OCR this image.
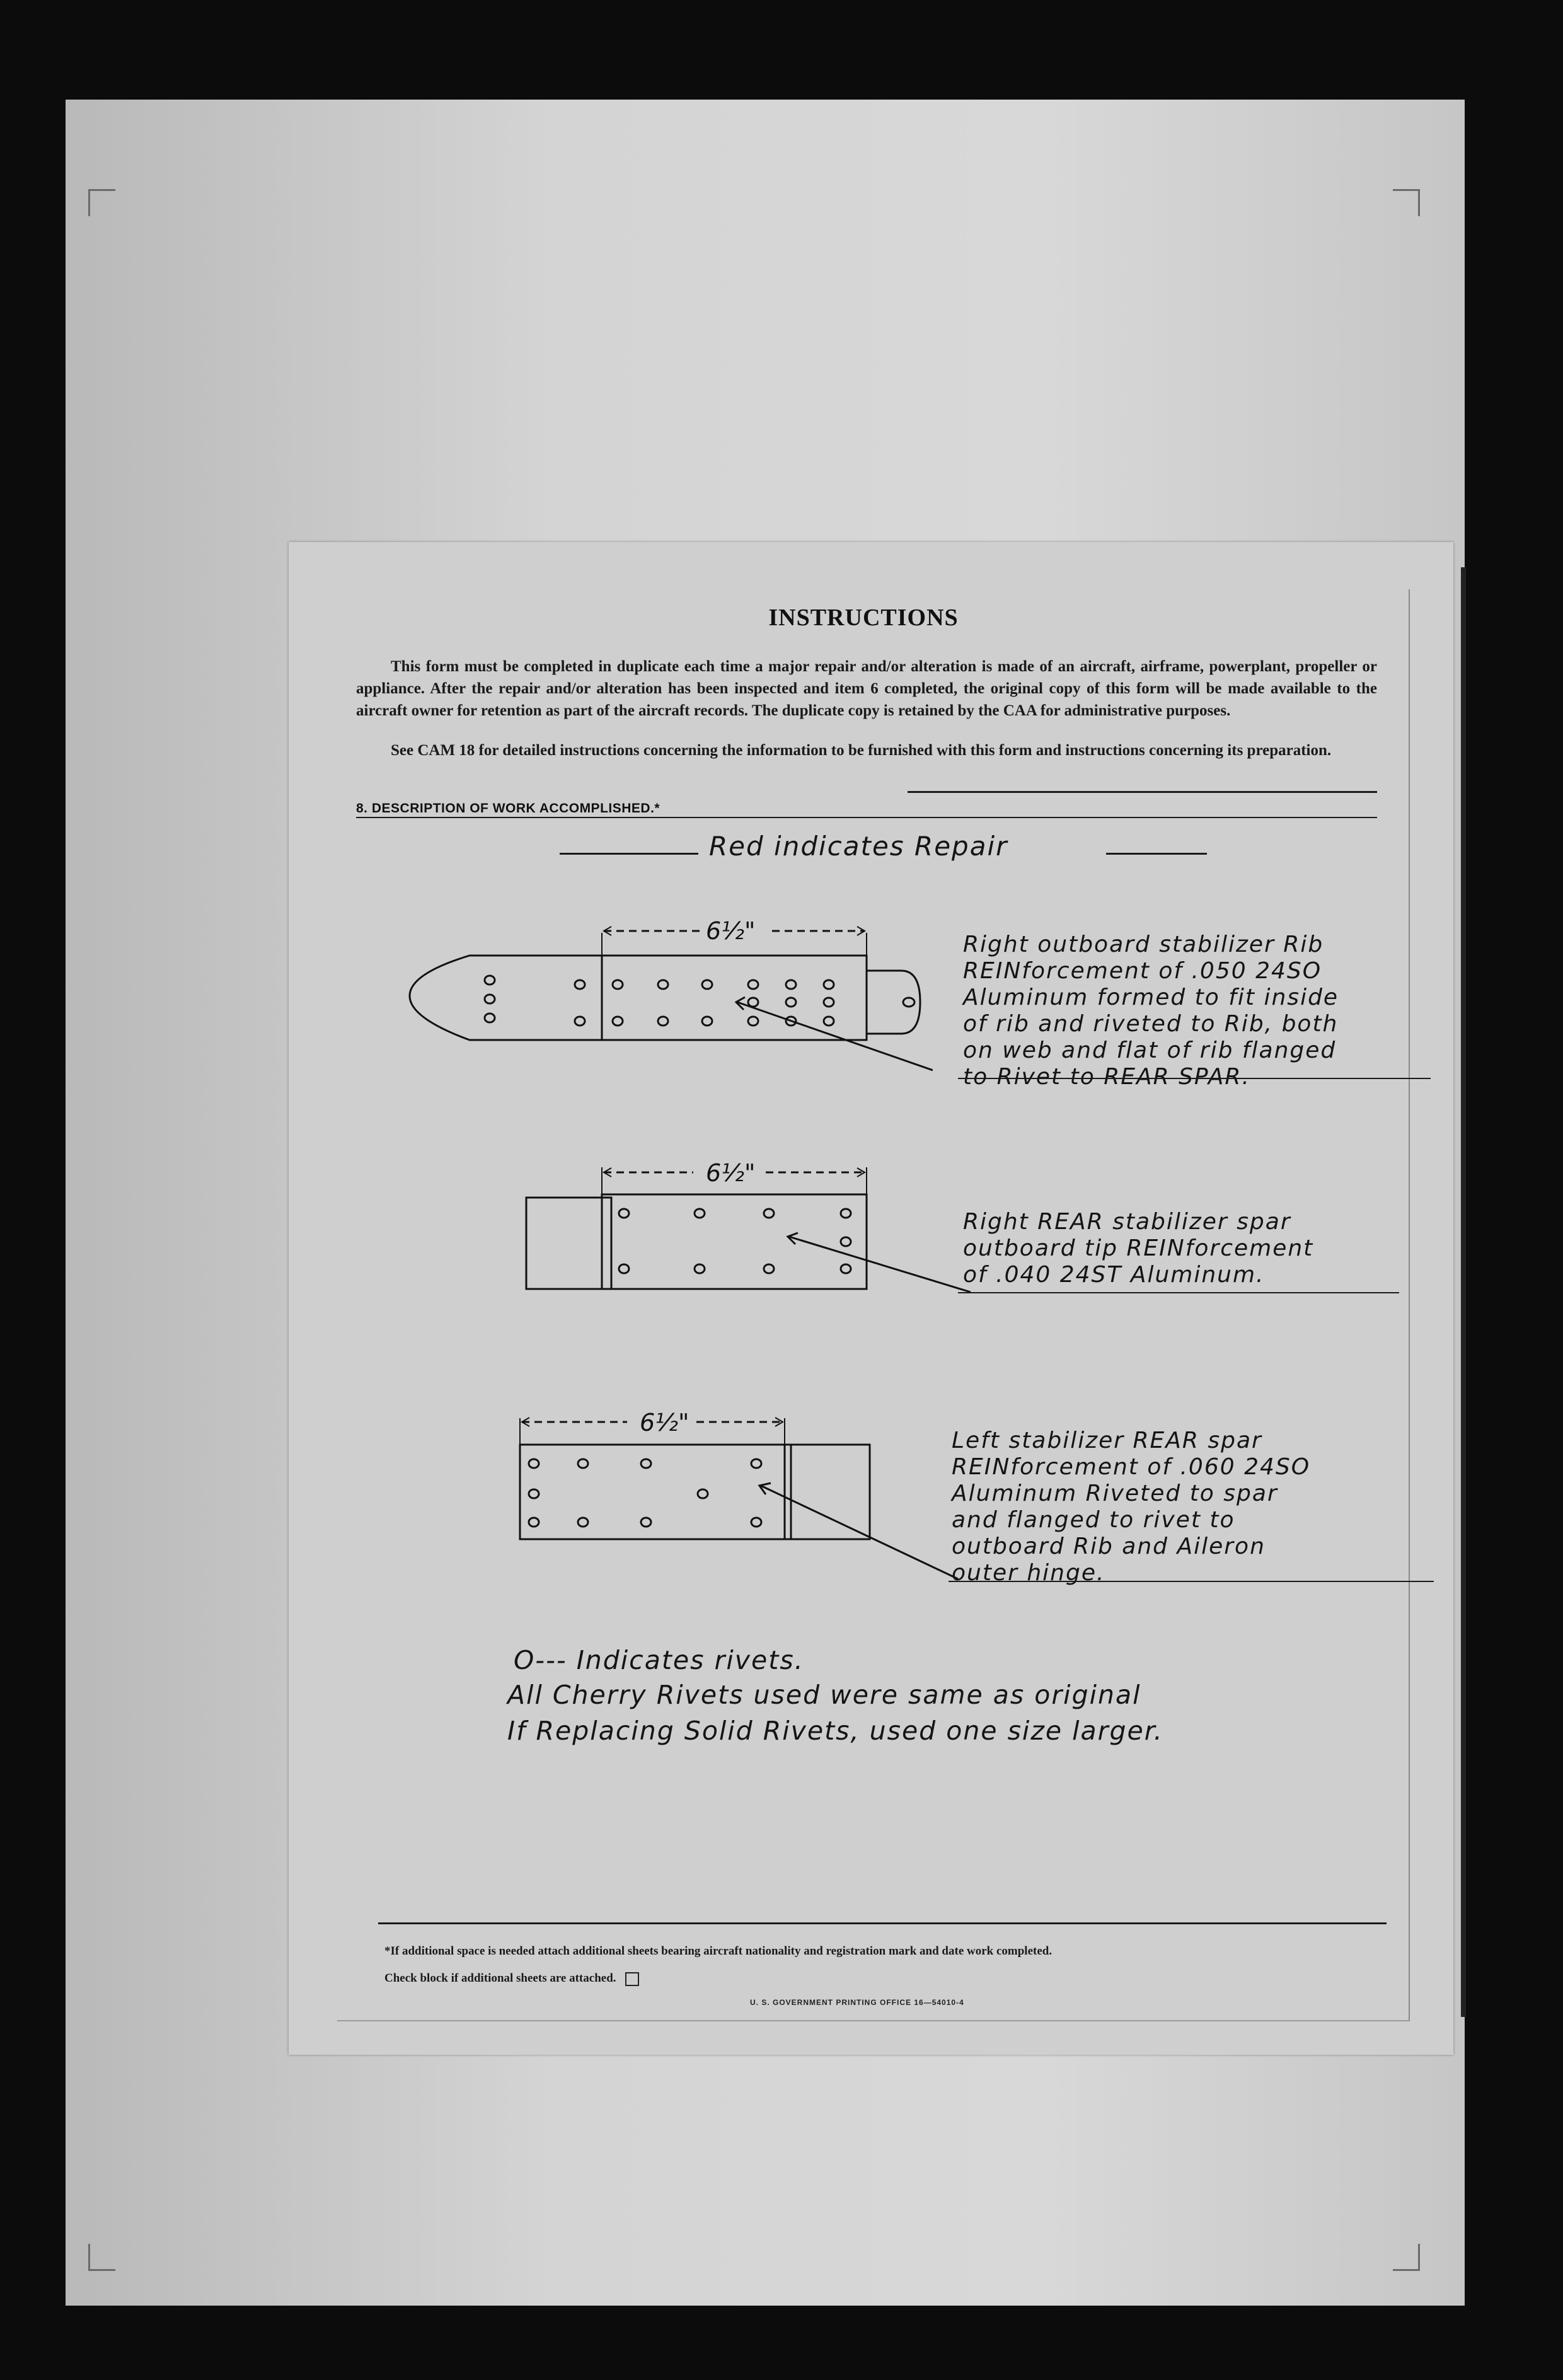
INSTRUCTIONS
This form must be completed in duplicate each time a major repair and/or alteration is made of an aircraft, airframe, powerplant, propeller or appliance. After the repair and/or alteration has been inspected and item 6 completed, the original copy of this form will be made available to the aircraft owner for retention as part of the aircraft records. The duplicate copy is retained by the CAA for administrative purposes.
See CAM 18 for detailed instructions concerning the information to be furnished with this form and instructions concerning its preparation.
8. DESCRIPTION OF WORK ACCOMPLISHED.*
Red indicates Repair
6½"	Right outboard stabilizer Rib
REINforcement of .050 24SO
Aluminum formed to fit inside
of rib and riveted to Rib, both
on web and flat of rib flanged
to Rivet to REAR SPAR.
6½"
Right REAR stabilizer spar
outboard tip REINforcement
of .040 24ST Aluminum.
6½"
Left stabilizer REAR spar
REINforcement of .060 24SO
Aluminum Riveted to spar
and flanged to rivet to
outboard Rib and Aileron
outer hinge.
O--- Indicates rivets.
All Cherry Rivets used were same as original
If Replacing Solid Rivets, used one size larger.
*If additional space is needed attach additional sheets bearing aircraft nationality and registration mark and date work completed.
Check block if additional sheets are attached.
U. S. GOVERNMENT PRINTING OFFICE 16—54010-4
